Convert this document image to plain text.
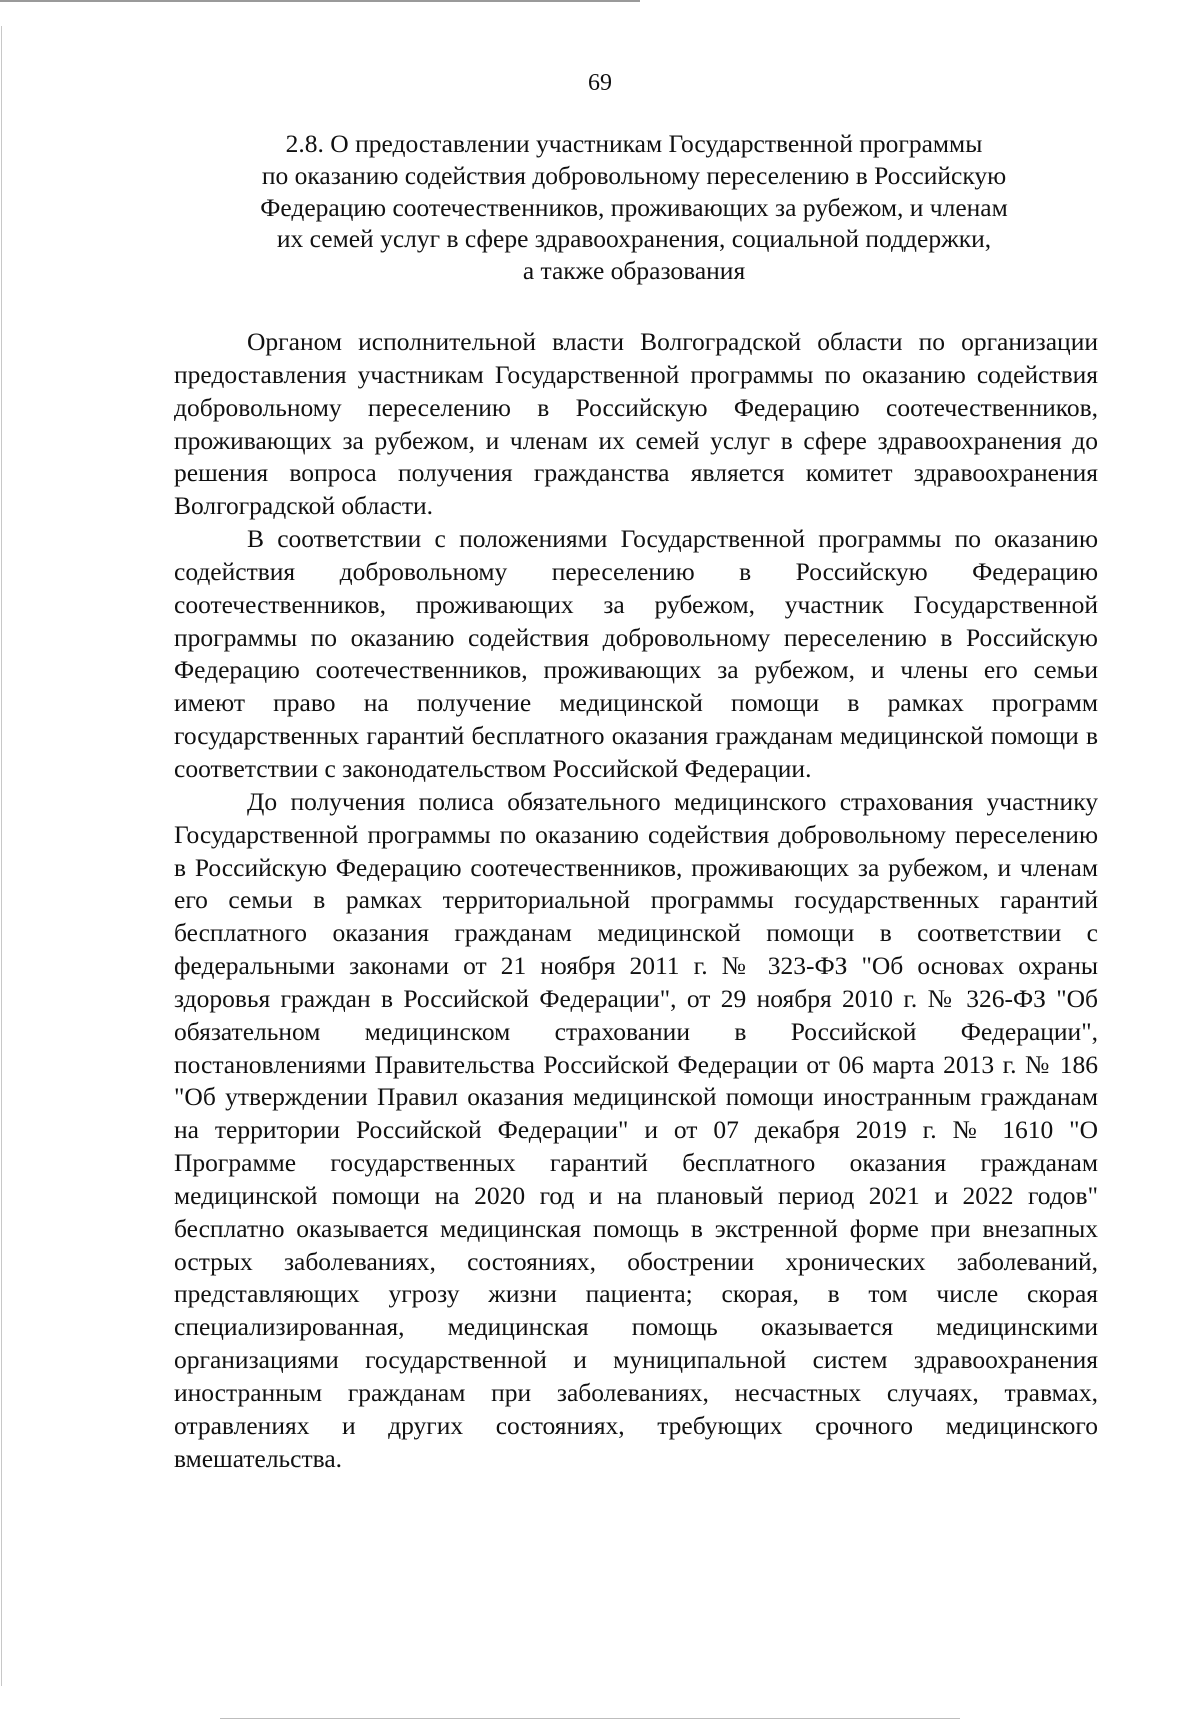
69
2.8. О предоставлении участникам Государственной программы
по оказанию содействия добровольному переселению в Российскую
Федерацию соотечественников, проживающих за рубежом, и членам
их семей услуг в сфере здравоохранения, социальной поддержки,
а также образования

Органом исполнительной власти Волгоградской области по организации предоставления участникам Государственной программы по оказанию содействия добровольному переселению в Российскую Федерацию соотечественников, проживающих за рубежом, и членам их семей услуг в сфере здравоохранения до решения вопроса получения гражданства является комитет здравоохранения Волгоградской области.

В соответствии с положениями Государственной программы по оказанию содействия добровольному переселению в Российскую Федерацию соотечественников, проживающих за рубежом, участник Государственной программы по оказанию содействия добровольному переселению в Российскую Федерацию соотечественников, проживающих за рубежом, и члены его семьи имеют право на получение медицинской помощи в рамках программ государственных гарантий бесплатного оказания гражданам медицинской помощи в соответствии с законодательством Российской Федерации.

До получения полиса обязательного медицинского страхования участнику Государственной программы по оказанию содействия добровольному переселению в Российскую Федерацию соотечественников, проживающих за рубежом, и членам его семьи в рамках территориальной программы государственных гарантий бесплатного оказания гражданам медицинской помощи в соответствии с федеральными законами от 21 ноября 2011 г. № 323-ФЗ "Об основах охраны здоровья граждан в Российской Федерации", от 29 ноября 2010 г. № 326-ФЗ "Об обязательном медицинском страховании в Российской Федерации", постановлениями Правительства Российской Федерации от 06 марта 2013 г. № 186 "Об утверждении Правил оказания медицинской помощи иностранным гражданам на территории Российской Федерации" и от 07 декабря 2019 г. № 1610 "О Программе государственных гарантий бесплатного оказания гражданам медицинской помощи на 2020 год и на плановый период 2021 и 2022 годов" бесплатно оказывается медицинская помощь в экстренной форме при внезапных острых заболеваниях, состояниях, обострении хронических заболеваний, представляющих угрозу жизни пациента; скорая, в том числе скорая специализированная, медицинская помощь оказывается медицинскими организациями государственной и муниципальной систем здравоохранения иностранным гражданам при заболеваниях, несчастных случаях, травмах, отравлениях и других состояниях, требующих срочного медицинского вмешательства.
